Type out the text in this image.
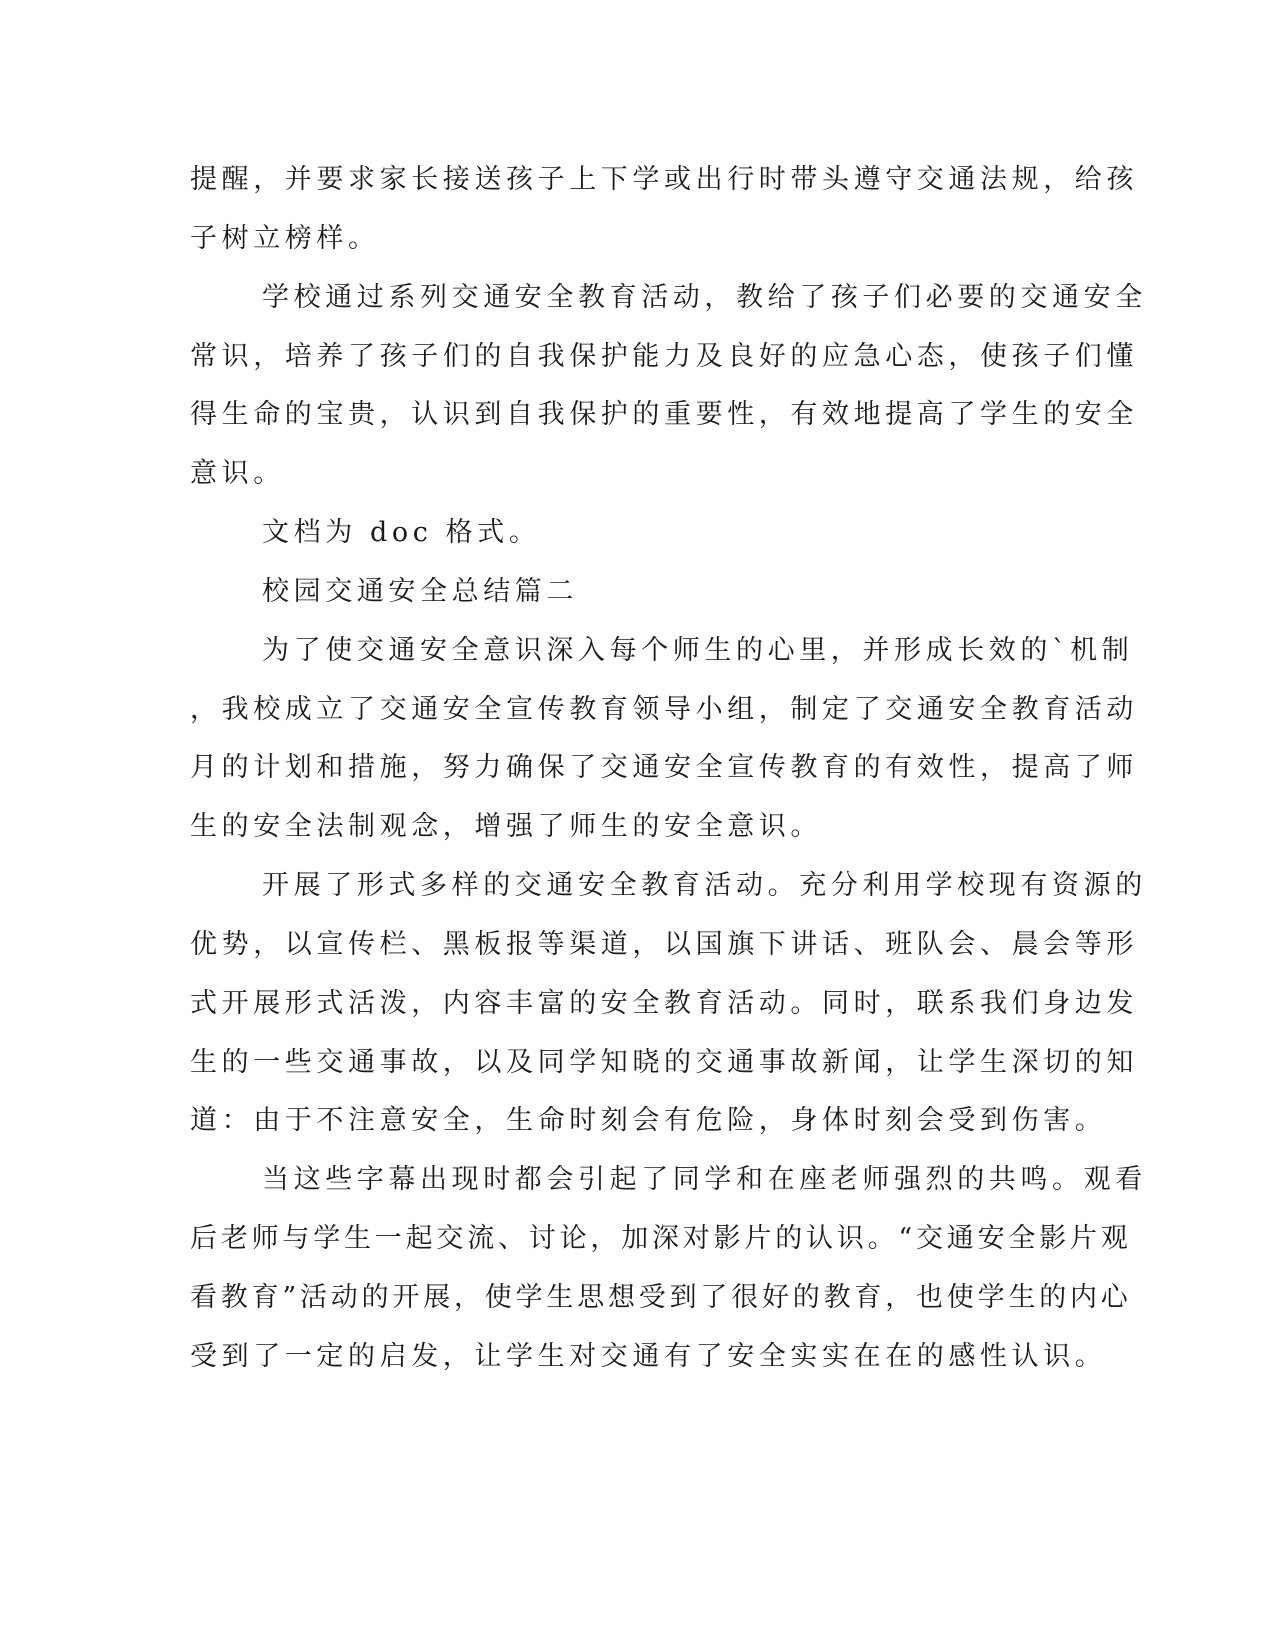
提醒，并要求家长接送孩子上下学或出行时带头遵守交通法规，给孩
子树立榜样。
学校通过系列交通安全教育活动，教给了孩子们必要的交通安全
常识，培养了孩子们的自我保护能力及良好的应急心态，使孩子们懂
得生命的宝贵，认识到自我保护的重要性，有效地提高了学生的安全
意识。
文档为 doc 格式。
校园交通安全总结篇二
为了使交通安全意识深入每个师生的心里，并形成长效的`机制
，我校成立了交通安全宣传教育领导小组，制定了交通安全教育活动
月的计划和措施，努力确保了交通安全宣传教育的有效性，提高了师
生的安全法制观念，增强了师生的安全意识。
开展了形式多样的交通安全教育活动。充分利用学校现有资源的
优势，以宣传栏、黑板报等渠道，以国旗下讲话、班队会、晨会等形
式开展形式活泼，内容丰富的安全教育活动。同时，联系我们身边发
生的一些交通事故，以及同学知晓的交通事故新闻，让学生深切的知
道：由于不注意安全，生命时刻会有危险，身体时刻会受到伤害。
当这些字幕出现时都会引起了同学和在座老师强烈的共鸣。观看
后老师与学生一起交流、讨论，加深对影片的认识。“交通安全影片观
看教育”活动的开展，使学生思想受到了很好的教育，也使学生的内心
受到了一定的启发，让学生对交通有了安全实实在在的感性认识。
